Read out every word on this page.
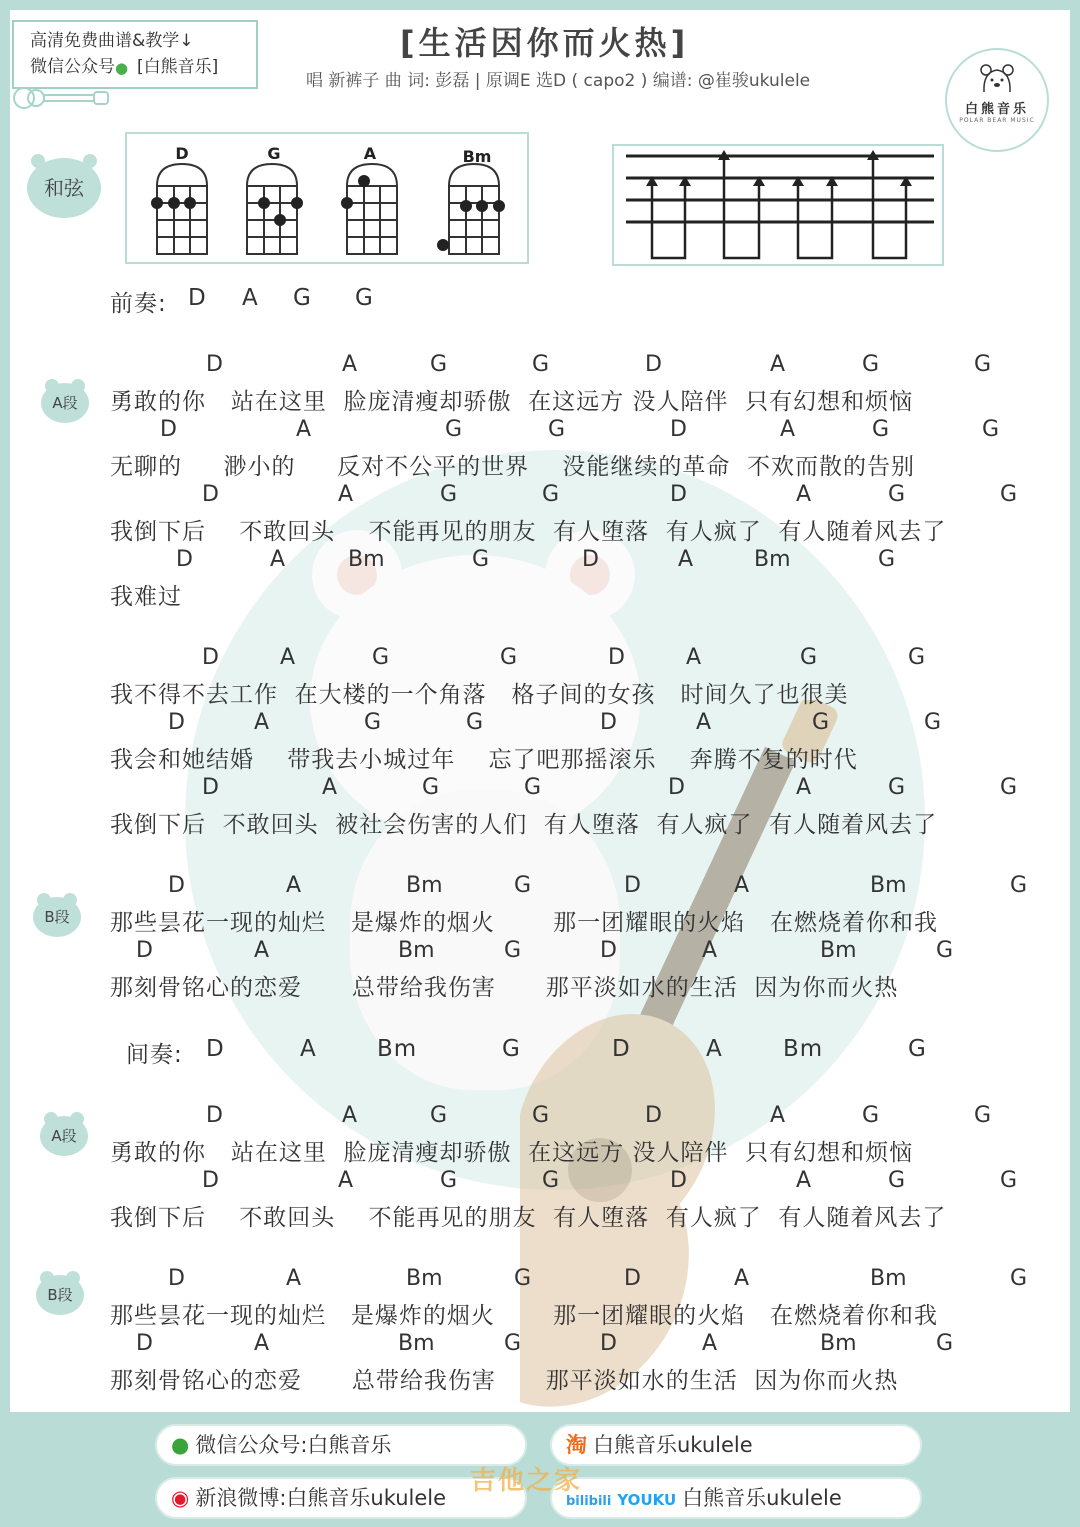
高清免费曲谱&教学↓
微信公众号● [白熊音乐]
[生活因你而火热]
唱 新裤子 曲 词: 彭磊 | 原调E 选D ( capo2 ) 编谱: @崔骏ukulele
白熊音乐
POLAR BEAR MUSIC
和弦
D	G	A	Bm
前奏: D A G G
A段
B段
A段
B段
间奏: D	A	Bm	G	D	A	Bm	G
D	A	G	G	D	A	G	G
勇敢的你   站在这里  脸庞清瘦却骄傲  在这远方 没人陪伴  只有幻想和烦恼
D	A	G	G	D	A	G	G
无聊的     渺小的     反对不公平的世界    没能继续的革命  不欢而散的告别
D	A	G	G	D	A	G	G
我倒下后    不敢回头    不能再见的朋友  有人堕落  有人疯了  有人随着风去了
D	A	Bm	G	D	A	Bm	G
我难过
D	A	G	G	D	A	G	G
我不得不去工作  在大楼的一个角落   格子间的女孩   时间久了也很美
D	A	G	G	D	A	G	G
我会和她结婚    带我去小城过年    忘了吧那摇滚乐    奔腾不复的时代
D	A	G	G	D	A	G	G
我倒下后  不敢回头  被社会伤害的人们  有人堕落  有人疯了  有人随着风去了
D	A	Bm	G	D	A	Bm	G
那些昙花一现的灿烂   是爆炸的烟火       那一团耀眼的火焰   在燃烧着你和我
D	A	Bm	G	D	A	Bm	G
那刻骨铭心的恋爱      总带给我伤害      那平淡如水的生活  因为你而火热
D	A	G	G	D	A	G	G
勇敢的你   站在这里  脸庞清瘦却骄傲  在这远方 没人陪伴  只有幻想和烦恼
D	A	G	G	D	A	G	G
我倒下后    不敢回头    不能再见的朋友  有人堕落  有人疯了  有人随着风去了
D	A	Bm	G	D	A	Bm	G
那些昙花一现的灿烂   是爆炸的烟火       那一团耀眼的火焰   在燃烧着你和我
D	A	Bm	G	D	A	Bm	G
那刻骨铭心的恋爱      总带给我伤害      那平淡如水的生活  因为你而火热
● 微信公众号:白熊音乐	淘 白熊音乐ukulele
◉ 新浪微博:白熊音乐ukulele	bilibili YOUKU 白熊音乐ukulele
吉他之家
